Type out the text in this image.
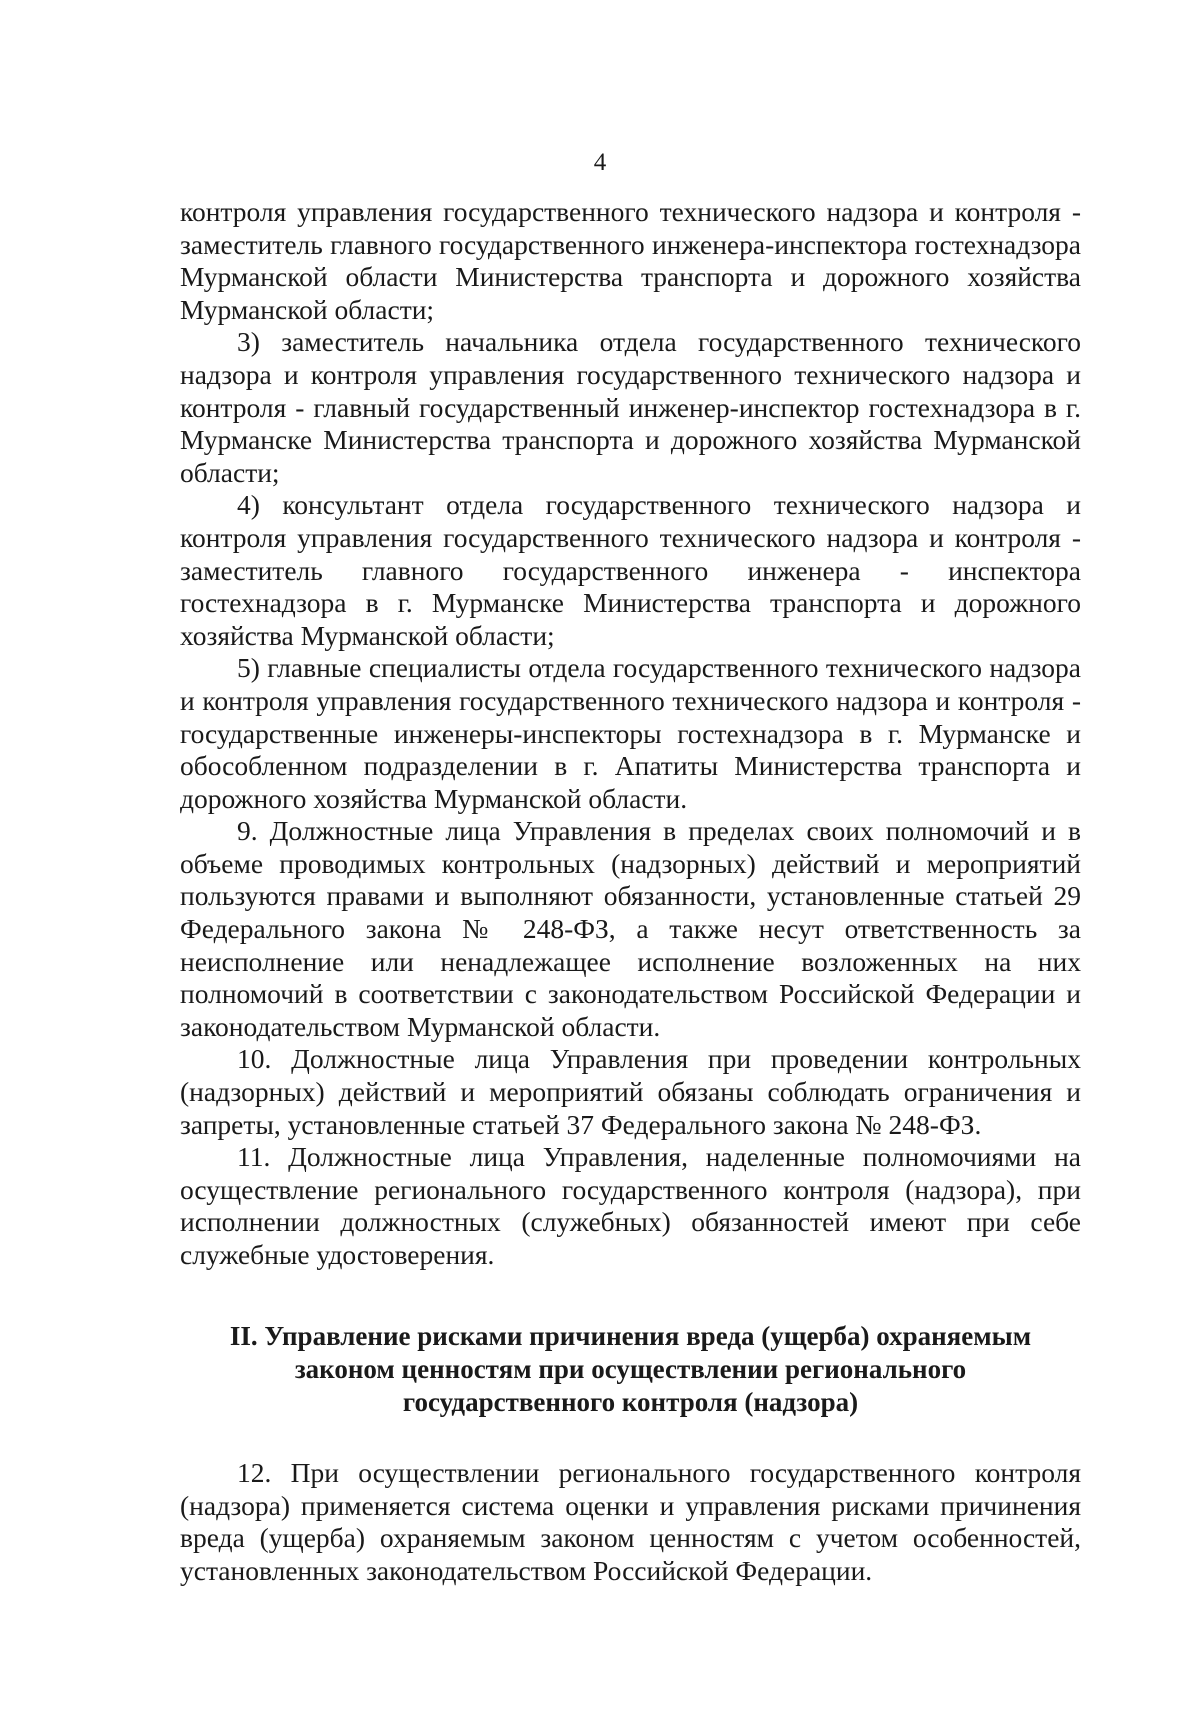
4

контроля управления государственного технического надзора и контроля - заместитель главного государственного инженера-инспектора гостехнадзора Мурманской области Министерства транспорта и дорожного хозяйства Мурманской области;

3) заместитель начальника отдела государственного технического надзора и контроля управления государственного технического надзора и контроля - главный государственный инженер-инспектор гостехнадзора в г. Мурманске Министерства транспорта и дорожного хозяйства Мурманской области;

4) консультант отдела государственного технического надзора и контроля управления государственного технического надзора и контроля - заместитель главного государственного инженера - инспектора гостехнадзора в г. Мурманске Министерства транспорта и дорожного хозяйства Мурманской области;

5) главные специалисты отдела государственного технического надзора и контроля управления государственного технического надзора и контроля - государственные инженеры-инспекторы гостехнадзора в г. Мурманске и обособленном подразделении в г. Апатиты Министерства транспорта и дорожного хозяйства Мурманской области.

9. Должностные лица Управления в пределах своих полномочий и в объеме проводимых контрольных (надзорных) действий и мероприятий пользуются правами и выполняют обязанности, установленные статьей 29 Федерального закона № 248-ФЗ, а также несут ответственность за неисполнение или ненадлежащее исполнение возложенных на них полномочий в соответствии с законодательством Российской Федерации и законодательством Мурманской области.

10. Должностные лица Управления при проведении контрольных (надзорных) действий и мероприятий обязаны соблюдать ограничения и запреты, установленные статьей 37 Федерального закона № 248-ФЗ.

11. Должностные лица Управления, наделенные полномочиями на осуществление регионального государственного контроля (надзора), при исполнении должностных (служебных) обязанностей имеют при себе служебные удостоверения.

II. Управление рисками причинения вреда (ущерба) охраняемым
законом ценностям при осуществлении регионального
государственного контроля (надзора)

12. При осуществлении регионального государственного контроля (надзора) применяется система оценки и управления рисками причинения вреда (ущерба) охраняемым законом ценностям с учетом особенностей, установленных законодательством Российской Федерации.
